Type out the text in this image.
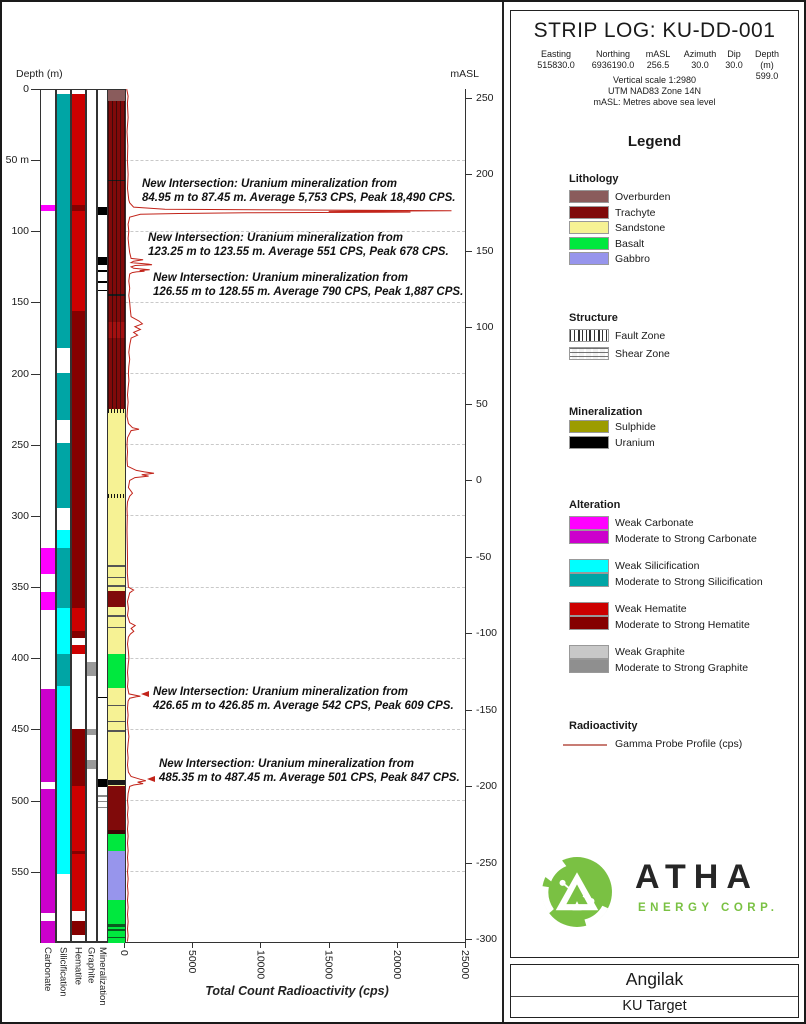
Depth (m)	mASL
0
50 m
100
150
200
250
300
350
400
450
500
550
250
200
150
100
50
0
-50
-100
-150
-200
-250
-300
0	5000	10000	15000	20000	25000
Carbonate Silicification Hematite Graphite Mineralization
New Intersection: Uranium mineralization from
84.95 m to 87.45 m. Average 5,753 CPS, Peak 18,490 CPS.
New Intersection: Uranium mineralization from
123.25 m to 123.55 m. Average 551 CPS, Peak 678 CPS.
New Intersection: Uranium mineralization from
126.55 m to 128.55 m. Average 790 CPS, Peak 1,887 CPS.
New Intersection: Uranium mineralization from
426.65 m to 426.85 m. Average 542 CPS, Peak 609 CPS.
New Intersection: Uranium mineralization from
485.35 m to 487.45 m. Average 501 CPS, Peak 847 CPS.
Total Count Radioactivity (cps)
STRIP LOG: KU-DD-001
Easting
515830.0
Northing
6936190.0
mASL
256.5
Azimuth
30.0
Dip
30.0
Depth (m)
599.0
Vertical scale 1:2980
UTM NAD83 Zone 14N
mASL: Metres above sea level
Legend
Lithology
Structure
Mineralization
Alteration
Radioactivity
ATHA
ENERGY CORP.
Overburden
Trachyte
Sandstone
Basalt
Gabbro
Fault Zone
Shear Zone
Sulphide
Uranium
Weak Carbonate
Moderate to Strong Carbonate
Weak Silicification
Moderate to Strong Silicification
Weak Hematite
Moderate to Strong Hematite
Weak Graphite
Moderate to Strong Graphite
Gamma Probe Profile (cps)
Angilak
KU Target
